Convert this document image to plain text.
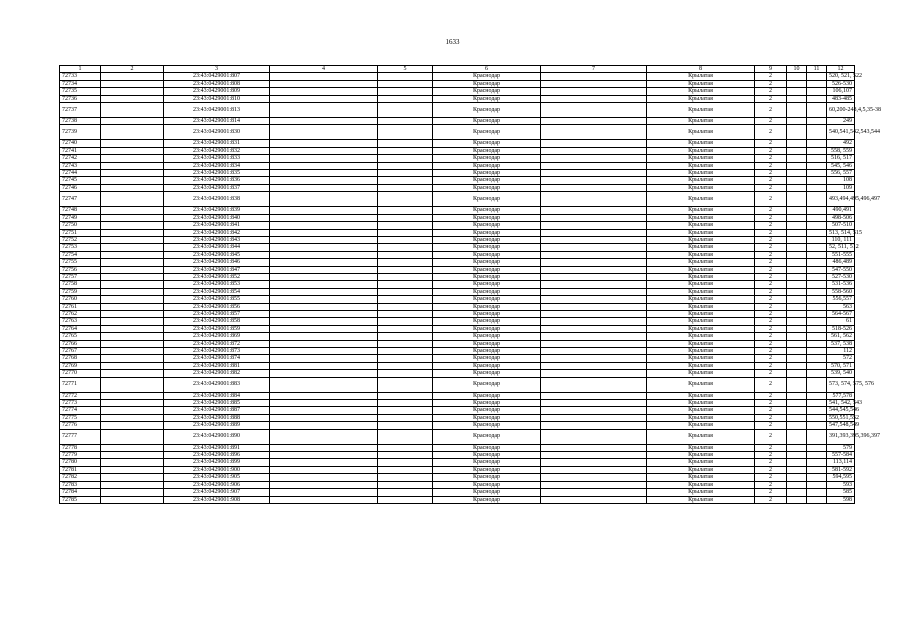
1633
1	2	3	4	5	6	7	8	9	10	11	12
72733		23:43:0429001:807			Краснодар		Крылатая	2			520, 521, 522
72734		23:43:0429001:808			Краснодар		Крылатая	2			526-530
72735		23:43:0429001:809			Краснодар		Крылатая	2			106,107
72736		23:43:0429001:810			Краснодар		Крылатая	2			483-485
72737		23:43:0429001:813			Краснодар		Крылатая	2			60,200-248,4,5,35-38
72738		23:43:0429001:814			Краснодар		Крылатая	2			249
72739		23:43:0429001:830			Краснодар		Крылатая	2			540,541,542,543,544
72740		23:43:0429001:831			Краснодар		Крылатая	2			492
72741		23:43:0429001:832			Краснодар		Крылатая	2			558, 559
72742		23:43:0429001:833			Краснодар		Крылатая	2			516, 517
72743		23:43:0429001:834			Краснодар		Крылатая	2			545, 546
72744		23:43:0429001:835			Краснодар		Крылатая	2			556, 557
72745		23:43:0429001:836			Краснодар		Крылатая	2			108
72746		23:43:0429001:837			Краснодар		Крылатая	2			109
72747		23:43:0429001:838			Краснодар		Крылатая	2			493,494,495,496,497
72748		23:43:0429001:839			Краснодар		Крылатая	2			490,491
72749		23:43:0429001:840			Краснодар		Крылатая	2			498-506
72750		23:43:0429001:841			Краснодар		Крылатая	2			507-510
72751		23:43:0429001:842			Краснодар		Крылатая	2			513, 514, 515
72752		23:43:0429001:843			Краснодар		Крылатая	2			110, 111
72753		23:43:0429001:844			Краснодар		Крылатая	2			52, 511, 512
72754		23:43:0429001:845			Краснодар		Крылатая	2			551-555
72755		23:43:0429001:846			Краснодар		Крылатая	2			486,489
72756		23:43:0429001:847			Краснодар		Крылатая	2			547-550
72757		23:43:0429001:852			Краснодар		Крылатая	2			527-530
72758		23:43:0429001:853			Краснодар		Крылатая	2			531-536
72759		23:43:0429001:854			Краснодар		Крылатая	2			558-560
72760		23:43:0429001:855			Краснодар		Крылатая	2			556,557
72761		23:43:0429001:856			Краснодар		Крылатая	2			563
72762		23:43:0429001:857			Краснодар		Крылатая	2			564-567
72763		23:43:0429001:858			Краснодар		Крылатая	2			61
72764		23:43:0429001:859			Краснодар		Крылатая	2			518-526
72765		23:43:0429001:869			Краснодар		Крылатая	2			561, 562
72766		23:43:0429001:872			Краснодар		Крылатая	2			537, 538
72767		23:43:0429001:873			Краснодар		Крылатая	2			112
72768		23:43:0429001:874			Краснодар		Крылатая	2			572
72769		23:43:0429001:881			Краснодар		Крылатая	2			570, 571
72770		23:43:0429001:882			Краснодар		Крылатая	2			539, 540
72771		23:43:0429001:883			Краснодар		Крылатая	2			573, 574, 575, 576
72772		23:43:0429001:884			Краснодар		Крылатая	2			577,578
72773		23:43:0429001:885			Краснодар		Крылатая	2			541, 542, 543
72774		23:43:0429001:887			Краснодар		Крылатая	2			544,545,546
72775		23:43:0429001:888			Краснодар		Крылатая	2			550,551,552
72776		23:43:0429001:889			Краснодар		Крылатая	2			547,548,549
72777		23:43:0429001:890			Краснодар		Крылатая	2			391,393,395,396,397
72778		23:43:0429001:891			Краснодар		Крылатая	2			579
72779		23:43:0429001:896			Краснодар		Крылатая	2			557-584
72780		23:43:0429001:899			Краснодар		Крылатая	2			113,114
72781		23:43:0429001:900			Краснодар		Крылатая	2			581-592
72782		23:43:0429001:905			Краснодар		Крылатая	2			594,595
72783		23:43:0429001:906			Краснодар		Крылатая	2			593
72784		23:43:0429001:907			Краснодар		Крылатая	2			585
72785		23:43:0429001:908			Краснодар		Крылатая	2			598
